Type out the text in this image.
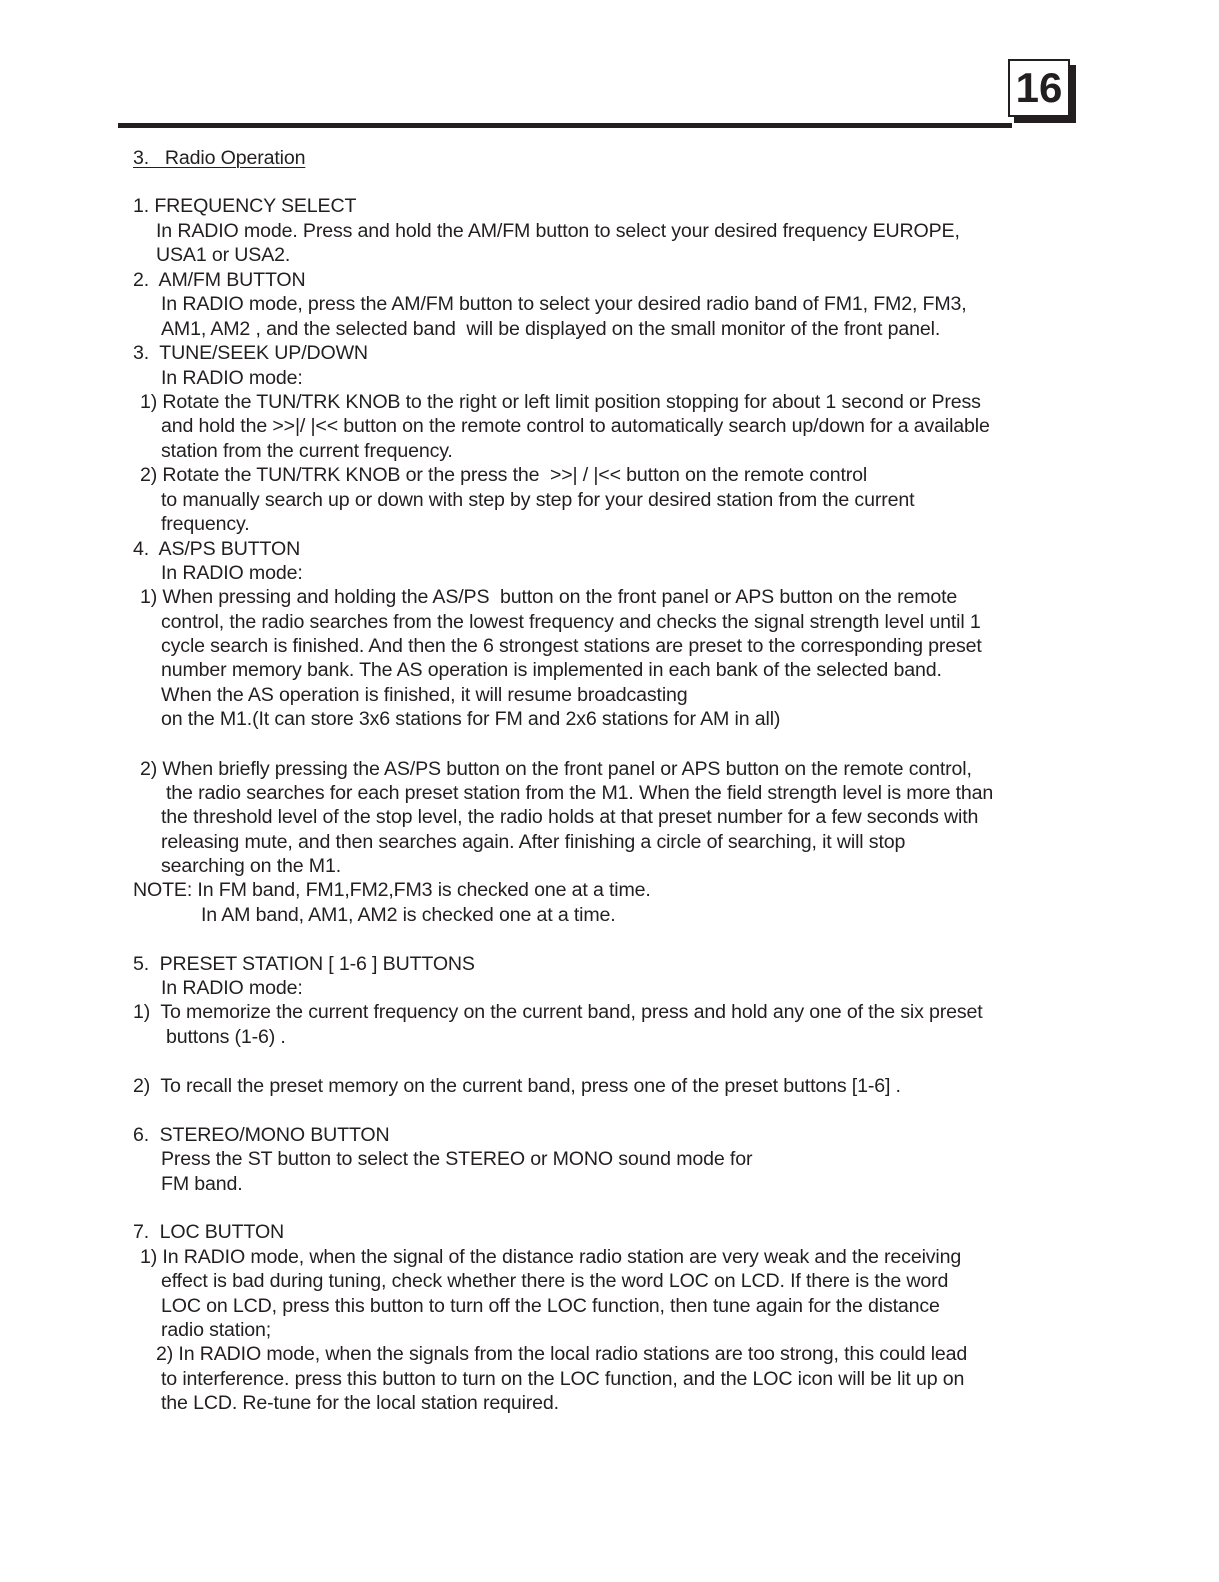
16
3.   Radio Operation
1. FREQUENCY SELECT
In RADIO mode. Press and hold the AM/FM button to select your desired frequency EUROPE,
USA1 or USA2.
2.  AM/FM BUTTON
In RADIO mode, press the AM/FM button to select your desired radio band of FM1, FM2, FM3,
AM1, AM2 , and the selected band  will be displayed on the small monitor of the front panel.
3.  TUNE/SEEK UP/DOWN
In RADIO mode:
1) Rotate the TUN/TRK KNOB to the right or left limit position stopping for about 1 second or Press
and hold the >>|/ |<< button on the remote control to automatically search up/down for a available
station from the current frequency.
2) Rotate the TUN/TRK KNOB or the press the  >>| / |<< button on the remote control
to manually search up or down with step by step for your desired station from the current
frequency.
4.  AS/PS BUTTON
In RADIO mode:
1) When pressing and holding the AS/PS  button on the front panel or APS button on the remote
control, the radio searches from the lowest frequency and checks the signal strength level until 1
cycle search is finished. And then the 6 strongest stations are preset to the corresponding preset
number memory bank. The AS operation is implemented in each bank of the selected band.
When the AS operation is finished, it will resume broadcasting
on the M1.(It can store 3x6 stations for FM and 2x6 stations for AM in all)
2) When briefly pressing the AS/PS button on the front panel or APS button on the remote control,
the radio searches for each preset station from the M1. When the field strength level is more than
the threshold level of the stop level, the radio holds at that preset number for a few seconds with
releasing mute, and then searches again. After finishing a circle of searching, it will stop
searching on the M1.
NOTE: In FM band, FM1,FM2,FM3 is checked one at a time.
In AM band, AM1, AM2 is checked one at a time.
5.  PRESET STATION [ 1-6 ] BUTTONS
In RADIO mode:
1)  To memorize the current frequency on the current band, press and hold any one of the six preset
buttons (1-6) .
2)  To recall the preset memory on the current band, press one of the preset buttons [1-6] .
6.  STEREO/MONO BUTTON
Press the ST button to select the STEREO or MONO sound mode for
FM band.
7.  LOC BUTTON
1) In RADIO mode, when the signal of the distance radio station are very weak and the receiving
effect is bad during tuning, check whether there is the word LOC on LCD. If there is the word
LOC on LCD, press this button to turn off the LOC function, then tune again for the distance
radio station;
2) In RADIO mode, when the signals from the local radio stations are too strong, this could lead
to interference. press this button to turn on the LOC function, and the LOC icon will be lit up on
the LCD. Re-tune for the local station required.
